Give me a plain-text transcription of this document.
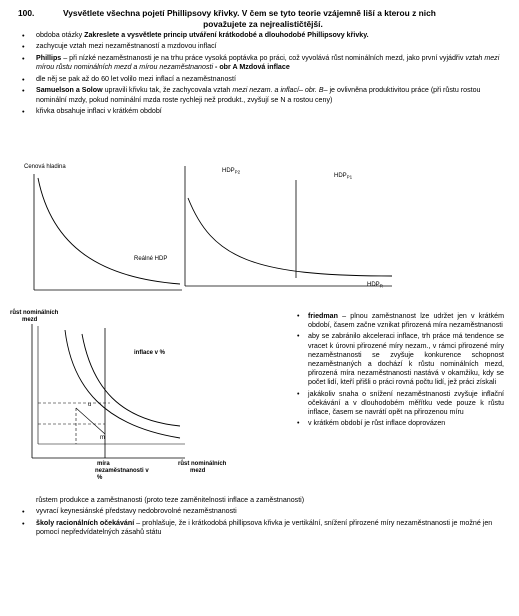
100.	Vysvětlete všechna pojetí Phillipsovy křivky. V čem se tyto teorie vzájemně liší a kterou z nich
považujete za nejrealističtější.
• obdoba otázky Zakreslete a vysvětlete princip utváření krátkodobé a dlouhodobé Phillipsovy křivky.
• zachycuje vztah mezi nezaměstnaností a mzdovou inflací
• Phillips – při nízké nezaměstnanosti je na trhu práce vysoká poptávka po práci, což vyvolává růst nominálních mezd, jako první vyjádřiv vztah mezi mírou růstu nominálních mezd a mírou nezaměstnanosti - obr A Mzdová inflace
• dle něj se pak až do 60 let volilo mezi inflací a nezaměstnaností
• Samuelson a Solow upravili křivku tak, že zachycovala vztah mezi nezam. a inflací– obr. B– je ovlivněna produktivitou práce (při růstu rostou nominální mzdy, pokud nominální mzda roste rychleji než produkt., zvyšují se N a rostou ceny)
• křivka obsahuje inflaci v krátkém období
Cenová hladina
Reálné HDP
$HDP_{P2}$
$HDP_{P1}$
$HDP_R$
růst nominálních
mezd
inflace v %
u
m
míra
nezaměstnanosti v
%
růst nominálních
mezd
• friedman – plnou zaměstnanost lze udržet jen v krátkém období, časem začne vznikat přirozená míra nezaměstnanosti
• aby se zabránilo akceleraci inflace, trh práce má tendence se vracet k úrovni přirozené míry nezam., v rámci přirozené míry nezaměstnanosti se zvyšuje konkurence schopnost nezaměstnaných a dochází k růstu nominálních mezd, přirozená míra nezaměstnanosti nastává v okamžiku, kdy se počet lidí, kteří přišli o práci rovná počtu lidí, jež práci získali
• jakákoliv snaha o snížení nezaměstnanosti zvyšuje inflační očekávání a v dlouhodobém měřítku vede pouze k růstu inflace, časem se navrátí opět na přirozenou míru
• v krátkém období je růst inflace doprovázen
růstem produkce a zaměstnanosti (proto teze zaměnitelnosti inflace a zaměstnanosti)
• vyvrací keynesiánské představy nedobrovolné nezaměstnanosti
• školy racionálních očekávání – prohlašuje, že i krátkodobá phillipsova křivka je vertikální, snížení přirozené míry nezaměstnanosti je možné jen pomocí nepředvídatelných zásahů státu
